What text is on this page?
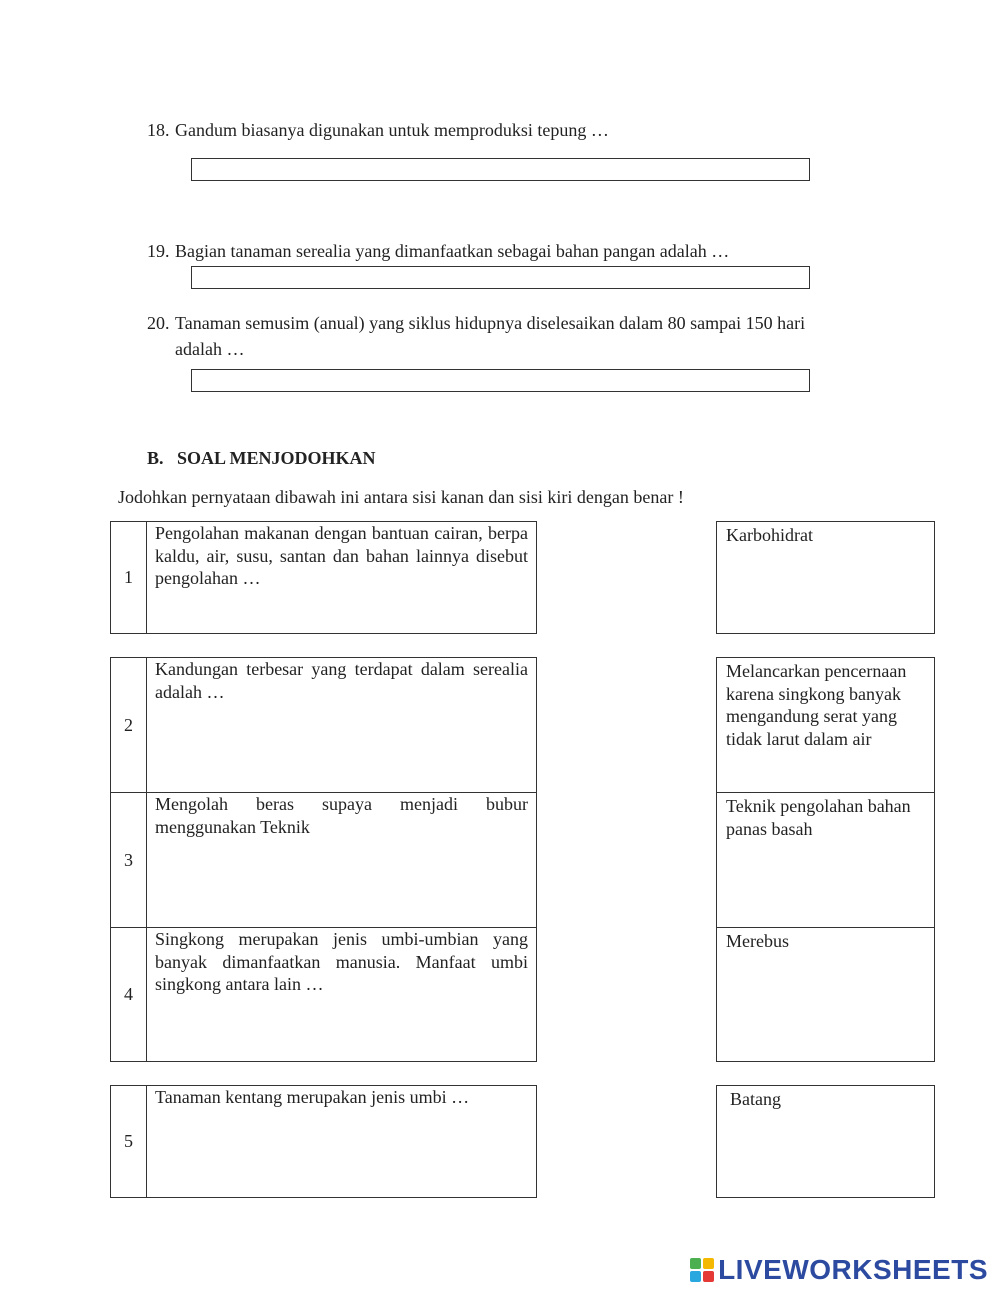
18. Gandum biasanya digunakan untuk memproduksi tepung …
19. Bagian tanaman serealia yang dimanfaatkan sebagai bahan pangan adalah …
20. Tanaman semusim (anual) yang siklus hidupnya diselesaikan dalam 80 sampai 150 hari
adalah …
B. SOAL MENJODOHKAN
Jodohkan pernyataan dibawah ini antara sisi kanan dan sisi kiri dengan benar !
1
Pengolahan makanan dengan bantuan cairan, berpa kaldu, air, susu, santan dan bahan lainnya disebut pengolahan …
2
Kandungan terbesar yang terdapat dalam serealia adalah …
3
Mengolah beras supaya menjadi bubur menggunakan Teknik
4
Singkong merupakan jenis umbi-umbian yang banyak dimanfaatkan manusia. Manfaat umbi singkong antara lain …
5
Tanaman kentang merupakan jenis umbi …
Karbohidrat
Melancarkan pencernaan karena singkong banyak mengandung serat yang tidak larut dalam air
Teknik pengolahan bahan panas basah
Merebus
Batang
LIVEWORKSHEETS
